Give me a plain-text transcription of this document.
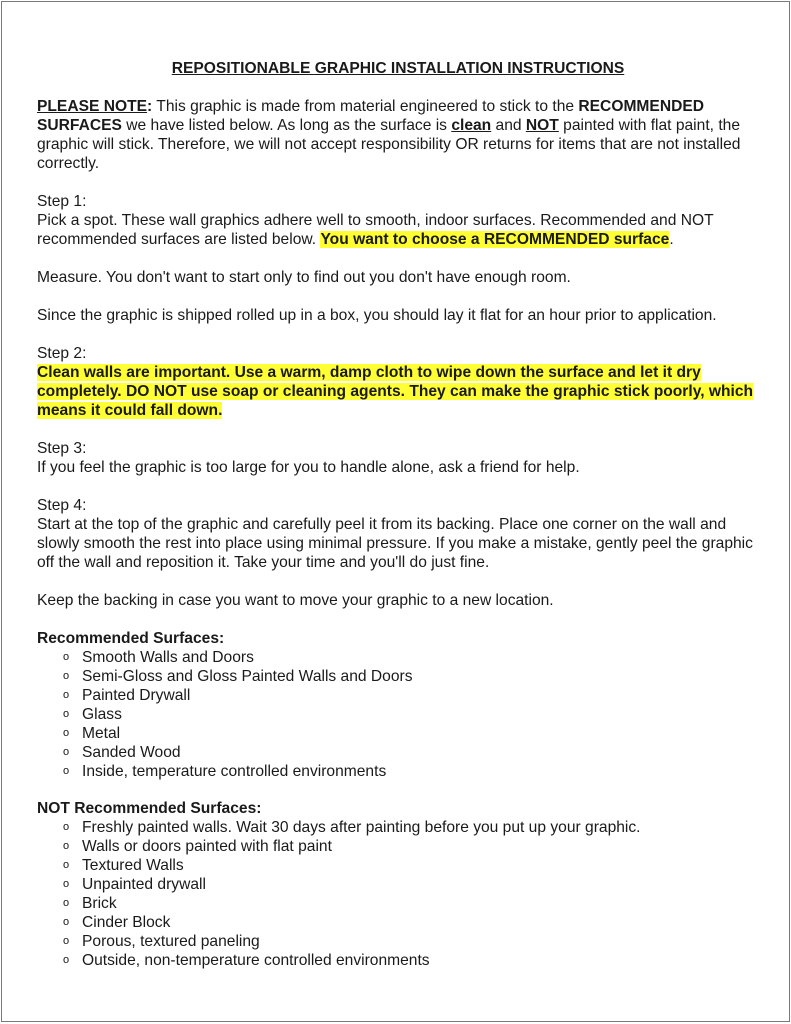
REPOSITIONABLE GRAPHIC INSTALLATION INSTRUCTIONS

PLEASE NOTE: This graphic is made from material engineered to stick to the RECOMMENDED SURFACES we have listed below. As long as the surface is clean and NOT painted with flat paint, the graphic will stick. Therefore, we will not accept responsibility OR returns for items that are not installed correctly.

Step 1:

Pick a spot. These wall graphics adhere well to smooth, indoor surfaces. Recommended and NOT recommended surfaces are listed below. You want to choose a RECOMMENDED surface.

Measure. You don't want to start only to find out you don't have enough room.

Since the graphic is shipped rolled up in a box, you should lay it flat for an hour prior to application.

Step 2:

Clean walls are important. Use a warm, damp cloth to wipe down the surface and let it dry completely. DO NOT use soap or cleaning agents. They can make the graphic stick poorly, which means it could fall down.

Step 3:

If you feel the graphic is too large for you to handle alone, ask a friend for help.

Step 4:

Start at the top of the graphic and carefully peel it from its backing. Place one corner on the wall and slowly smooth the rest into place using minimal pressure. If you make a mistake, gently peel the graphic off the wall and reposition it. Take your time and you'll do just fine.

Keep the backing in case you want to move your graphic to a new location.

Recommended Surfaces:

o Smooth Walls and Doors
o Semi-Gloss and Gloss Painted Walls and Doors
o Painted Drywall
o Glass
o Metal
o Sanded Wood
o Inside, temperature controlled environments

NOT Recommended Surfaces:

o Freshly painted walls. Wait 30 days after painting before you put up your graphic.
o Walls or doors painted with flat paint
o Textured Walls
o Unpainted drywall
o Brick
o Cinder Block
o Porous, textured paneling
o Outside, non-temperature controlled environments
